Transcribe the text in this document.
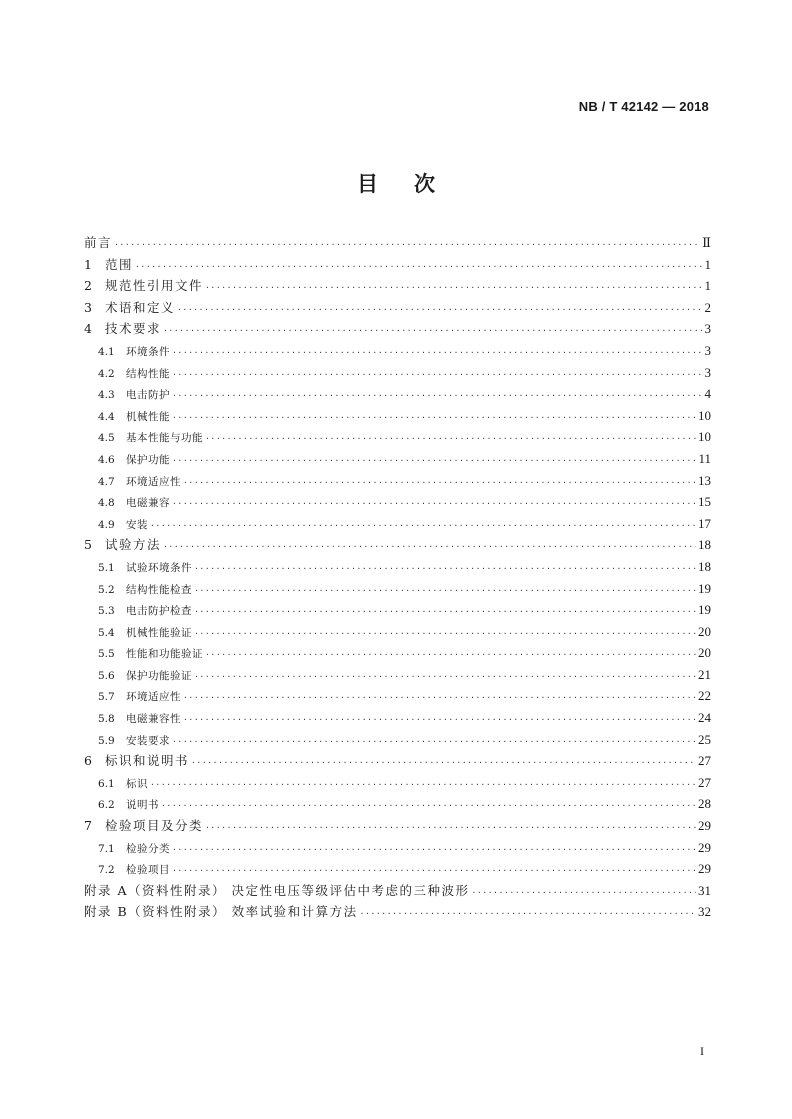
NB / T 42142 — 2018
目次
前言 ·····	Ⅱ
1	范围 ·····	1
2	规范性引用文件 ·····	1
3	术语和定义 ·····	2
4	技术要求 ·····	3
4.1	环境条件 ·····	3
4.2	结构性能 ·····	3
4.3	电击防护 ·····	4
4.4	机械性能 ·····	10
4.5	基本性能与功能 ·····	10
4.6	保护功能 ·····	11
4.7	环境适应性 ·····	13
4.8	电磁兼容 ·····	15
4.9	安装 ·····	17
5	试验方法 ·····	18
5.1	试验环境条件 ·····	18
5.2	结构性能检查 ·····	19
5.3	电击防护检查 ·····	19
5.4	机械性能验证 ·····	20
5.5	性能和功能验证 ·····	20
5.6	保护功能验证 ·····	21
5.7	环境适应性 ·····	22
5.8	电磁兼容性 ·····	24
5.9	安装要求 ·····	25
6	标识和说明书 ·····	27
6.1	标识 ·····	27
6.2	说明书 ·····	28
7	检验项目及分类 ·····	29
7.1	检验分类 ·····	29
7.2	检验项目 ·····	29
附录 A（资料性附录） 决定性电压等级评估中考虑的三种波形 ·····	31
附录 B（资料性附录） 效率试验和计算方法 ·····	32
I
